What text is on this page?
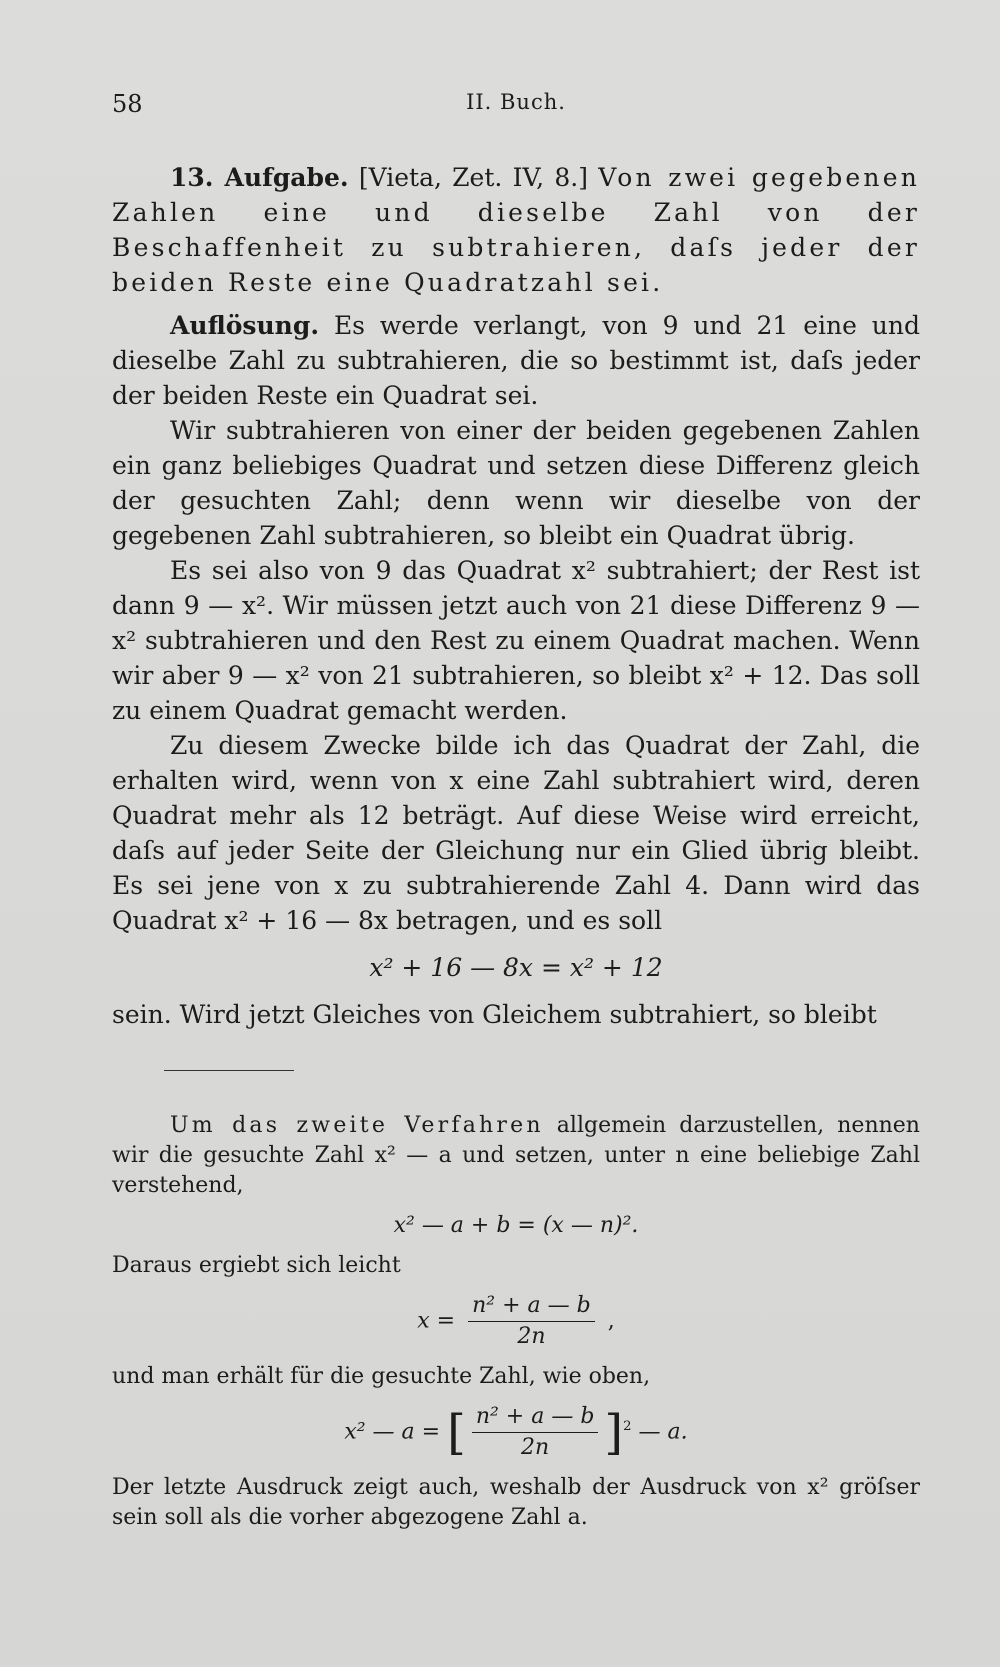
58	II. Buch.

13. Aufgabe. [Vieta, Zet. IV, 8.] Von zwei gegebenen Zahlen eine und dieselbe Zahl von der Beschaffenheit zu subtrahieren, daſs jeder der beiden Reste eine Quadratzahl sei.

Auflösung. Es werde verlangt, von 9 und 21 eine und dieselbe Zahl zu subtrahieren, die so bestimmt ist, daſs jeder der beiden Reste ein Quadrat sei.

Wir subtrahieren von einer der beiden gegebenen Zahlen ein ganz beliebiges Quadrat und setzen diese Differenz gleich der gesuchten Zahl; denn wenn wir dieselbe von der gegebenen Zahl subtrahieren, so bleibt ein Quadrat übrig.

Es sei also von 9 das Quadrat x² subtrahiert; der Rest ist dann 9 — x². Wir müssen jetzt auch von 21 diese Differenz 9 — x² subtrahieren und den Rest zu einem Quadrat machen. Wenn wir aber 9 — x² von 21 subtrahieren, so bleibt x² + 12. Das soll zu einem Quadrat gemacht werden.

Zu diesem Zwecke bilde ich das Quadrat der Zahl, die erhalten wird, wenn von x eine Zahl subtrahiert wird, deren Quadrat mehr als 12 beträgt. Auf diese Weise wird erreicht, daſs auf jeder Seite der Gleichung nur ein Glied übrig bleibt. Es sei jene von x zu subtrahierende Zahl 4. Dann wird das Quadrat x² + 16 — 8x betragen, und es soll

x² + 16 — 8x = x² + 12

sein. Wird jetzt Gleiches von Gleichem subtrahiert, so bleibt

Um das zweite Verfahren allgemein darzustellen, nennen wir die gesuchte Zahl x² — a und setzen, unter n eine beliebige Zahl verstehend,

x² — a + b = (x — n)².

Daraus ergiebt sich leicht

$x = \frac{\text{n² + a — b}}{2n}$ ,

und man erhält für die gesuchte Zahl, wie oben,

x² — a = [ $\frac{\text{n² + a — b}}{2n} ]^2$ — a.

Der letzte Ausdruck zeigt auch, weshalb der Ausdruck von x² gröſser sein soll als die vorher abgezogene Zahl a.
